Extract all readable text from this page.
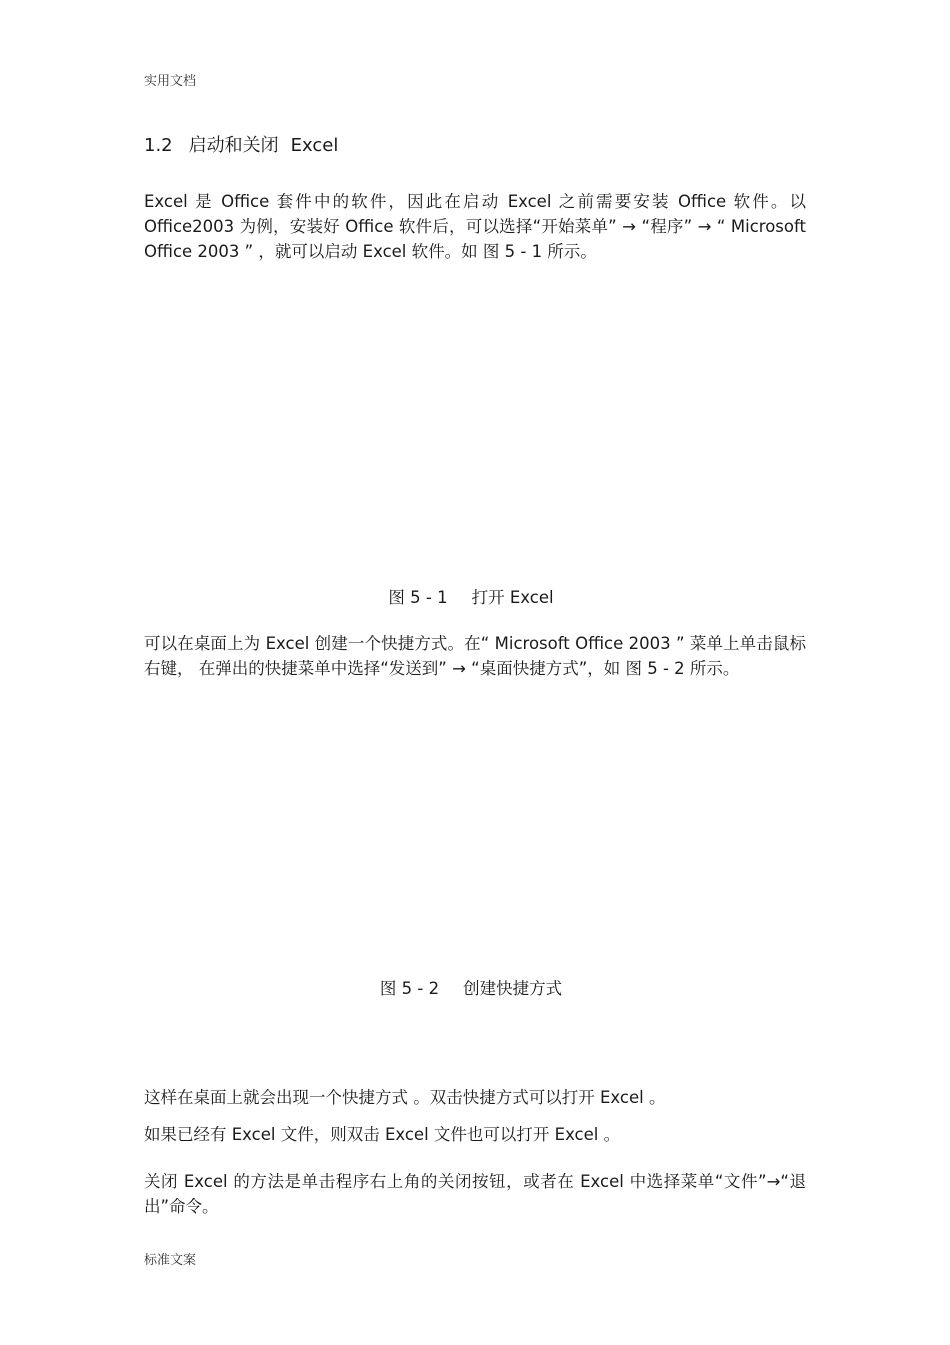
实用文档
1.2 启动和关闭 Excel

Excel 是 Office 套件中的软件，因此在启动 Excel 之前需要安装 Office 软件。以 Office2003 为例，安装好 Office 软件后，可以选择“开始菜单” → “程序” → “ Microsoft Office 2003 ” ，就可以启动 Excel 软件。如 图 5 - 1 所示。

图 5 - 1 打开 Excel

可以在桌面上为 Excel 创建一个快捷方式。在“ Microsoft Office 2003 ” 菜单上单击鼠标右键， 在弹出的快捷菜单中选择“发送到” → “桌面快捷方式”，如 图 5 - 2 所示。

图 5 - 2 创建快捷方式

这样在桌面上就会出现一个快捷方式 。双击快捷方式可以打开 Excel 。

如果已经有 Excel 文件，则双击 Excel 文件也可以打开 Excel 。

关闭 Excel 的方法是单击程序右上角的关闭按钮，或者在 Excel 中选择菜单“文件”→“退出”命令。

标准文案
